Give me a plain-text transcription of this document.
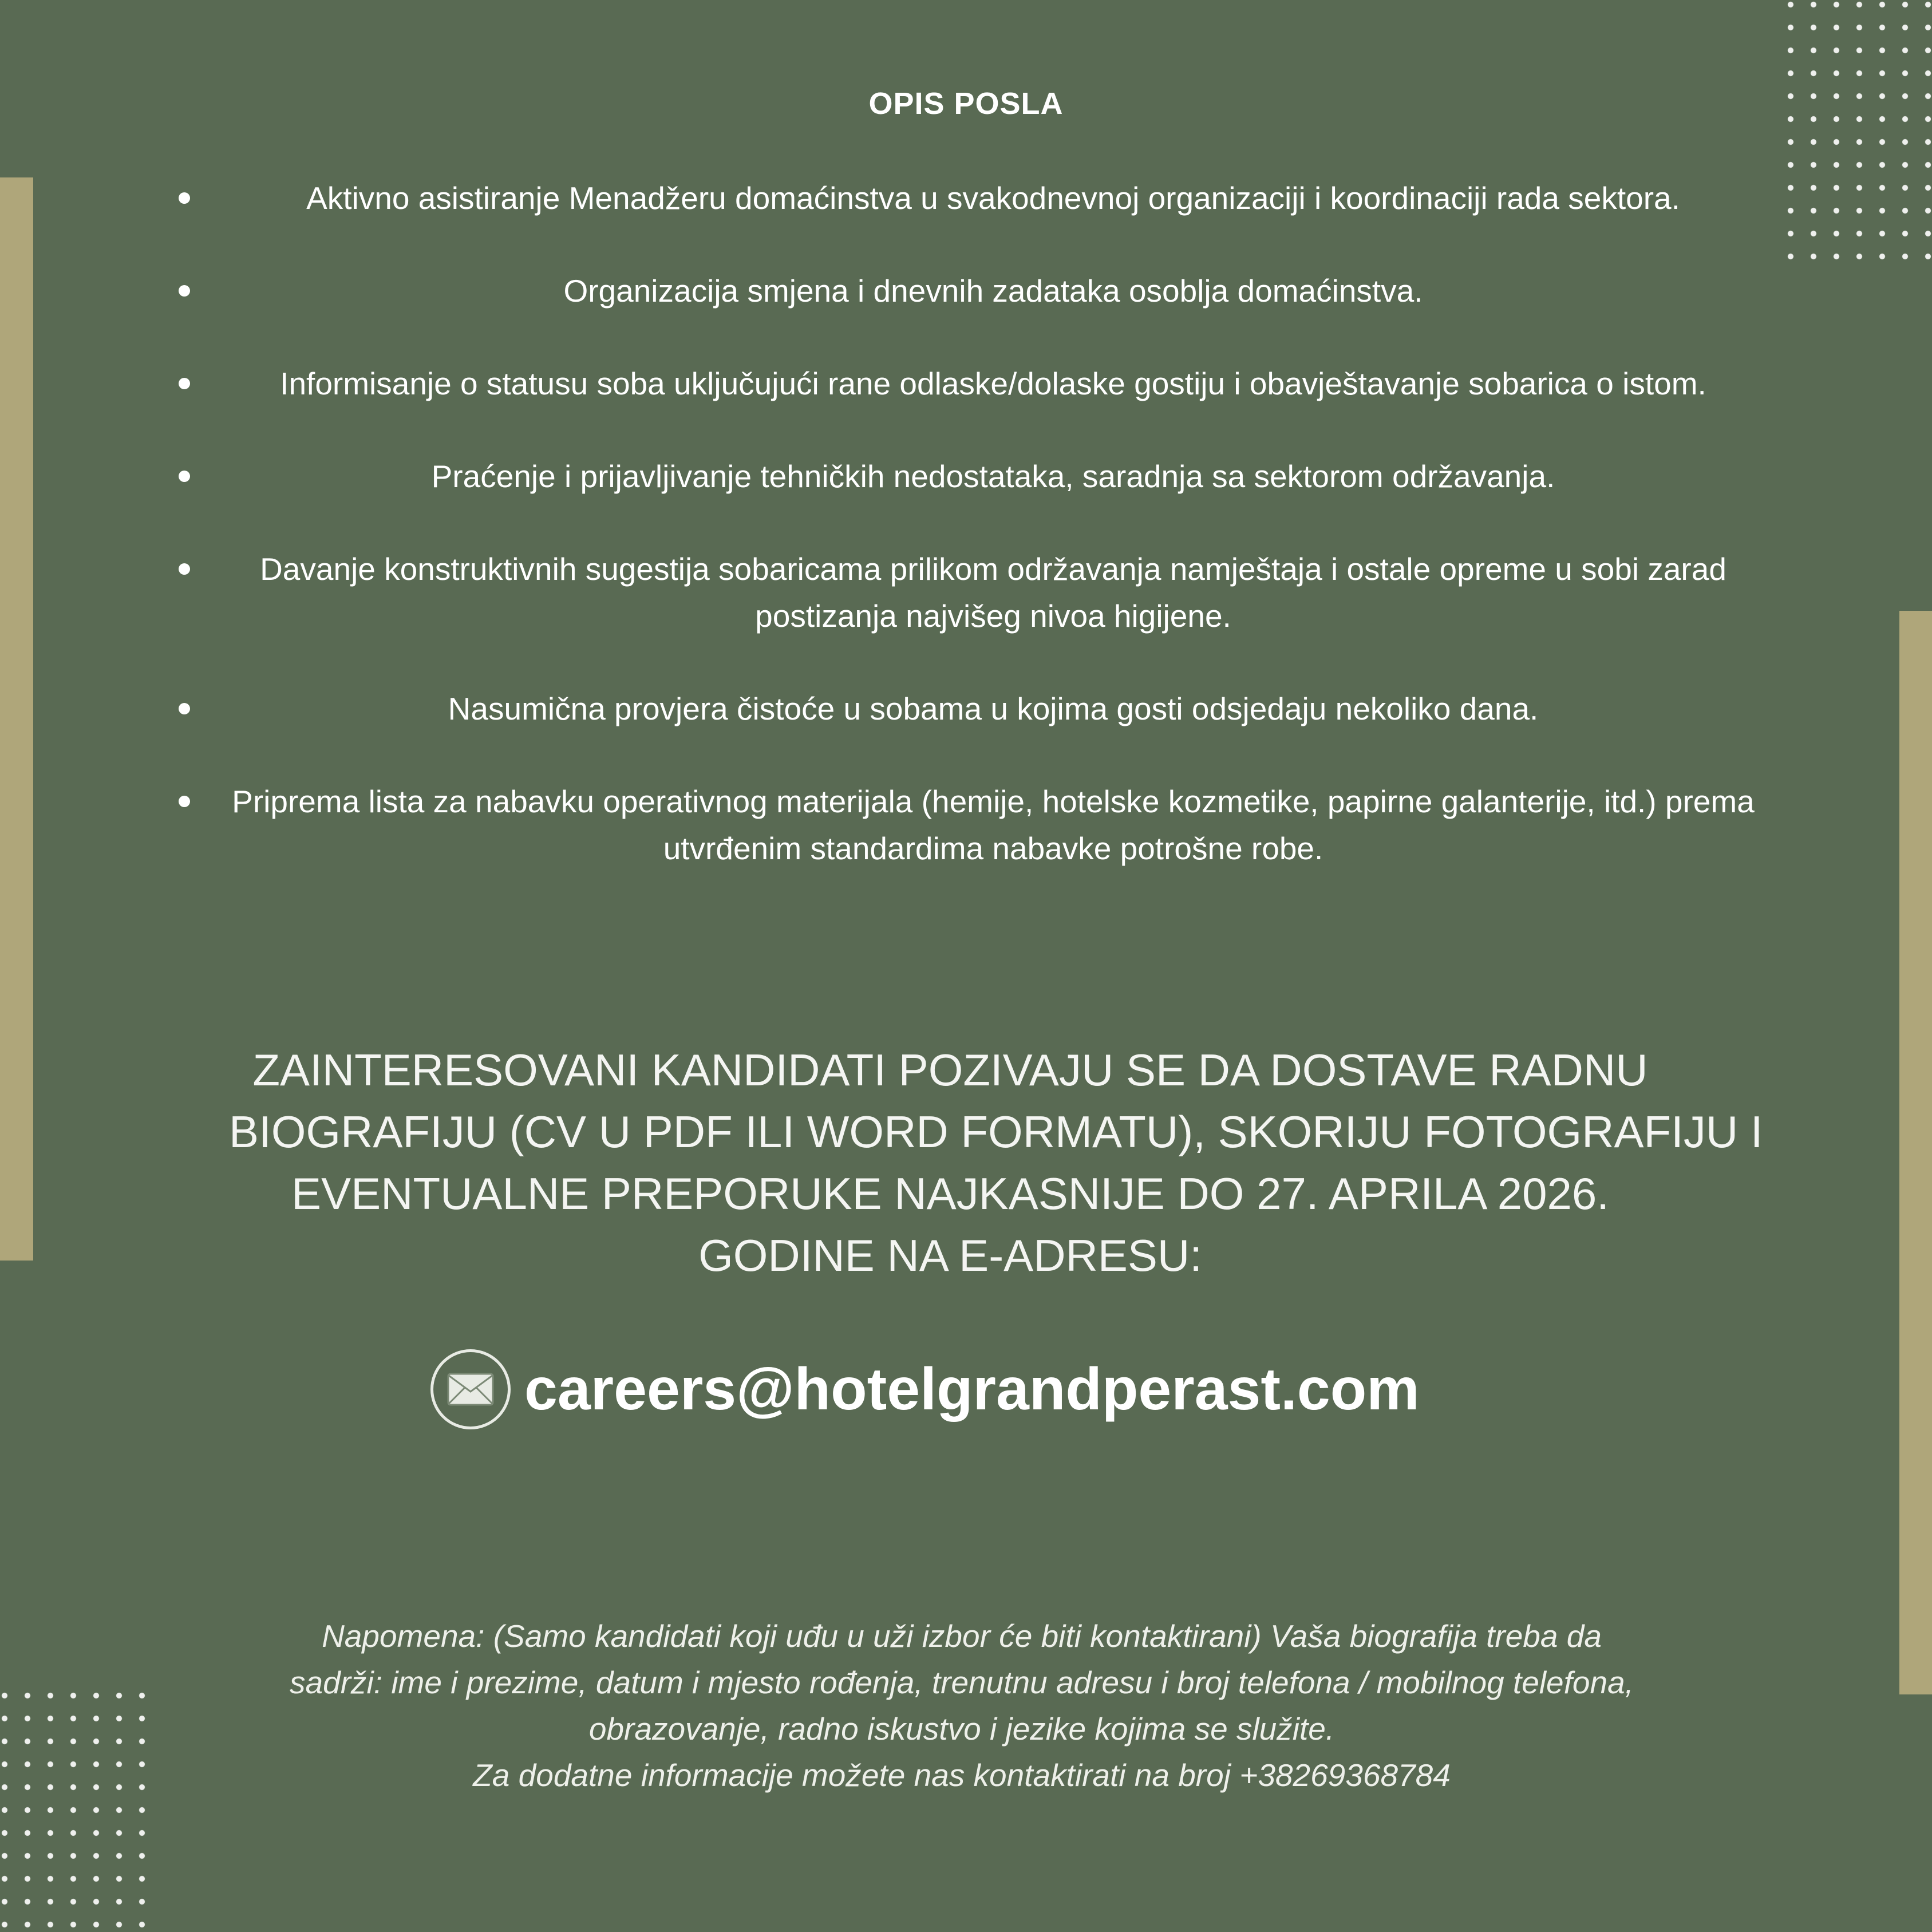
OPIS POSLA
Aktivno asistiranje Menadžeru domaćinstva u svakodnevnoj organizaciji i koordinaciji rada sektora.
Organizacija smjena i dnevnih zadataka osoblja domaćinstva.
Informisanje o statusu soba uključujući rane odlaske/dolaske gostiju i obavještavanje sobarica o istom.
Praćenje i prijavljivanje tehničkih nedostataka, saradnja sa sektorom održavanja.
Davanje konstruktivnih sugestija sobaricama prilikom održavanja namještaja i ostale opreme u sobi zarad postizanja najvišeg nivoa higijene.
Nasumična provjera čistoće u sobama u kojima gosti odsjedaju nekoliko dana.
Priprema lista za nabavku operativnog materijala (hemije, hotelske kozmetike, papirne galanterije, itd.) prema utvrđenim standardima nabavke potrošne robe.
ZAINTERESOVANI KANDIDATI POZIVAJU SE DA DOSTAVE RADNU
BIOGRAFIJU (CV U PDF ILI WORD FORMATU), SKORIJU FOTOGRAFIJU I
EVENTUALNE PREPORUKE NAJKASNIJE DO 27. APRILA 2026.
GODINE NA E-ADRESU:
careers@hotelgrandperast.com
Napomena: (Samo kandidati koji uđu u uži izbor će biti kontaktirani) Vaša biografija treba da
sadrži: ime i prezime, datum i mjesto rođenja, trenutnu adresu i broj telefona / mobilnog telefona,
obrazovanje, radno iskustvo i jezike kojima se služite.
Za dodatne informacije možete nas kontaktirati na broj +38269368784
